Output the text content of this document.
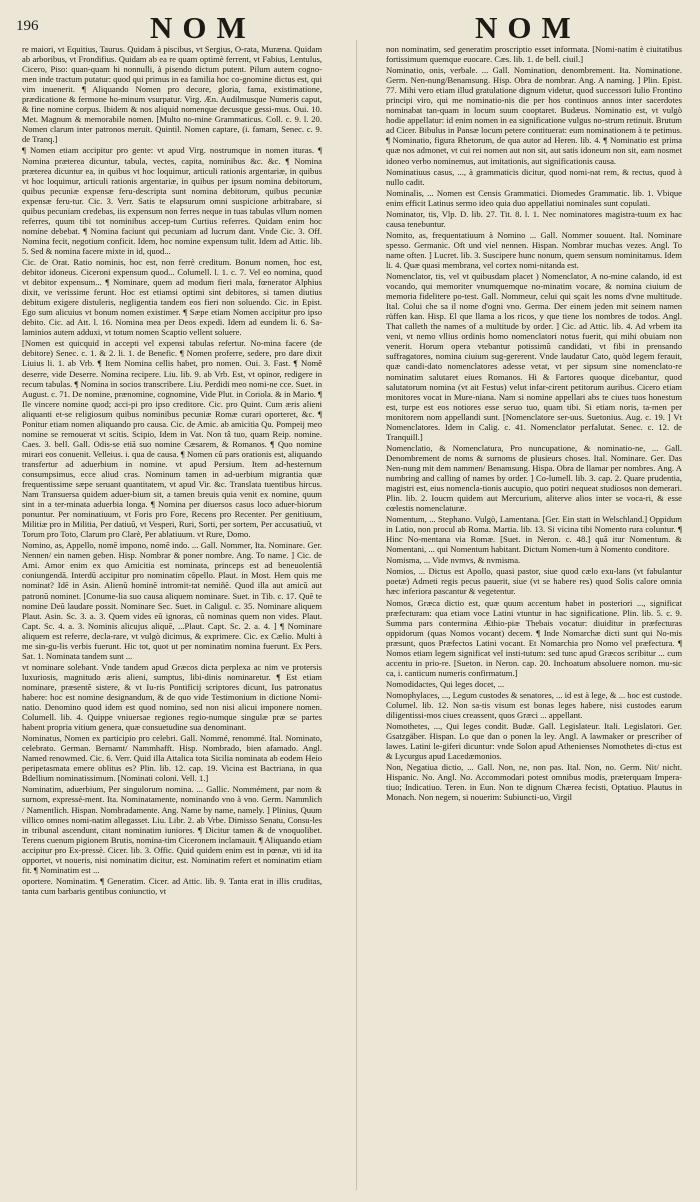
196	NOM	NOM

re maiori, vt Equitius, Taurus. Quidam à piscibus, vt Sergius, O-rata, Muræna. Quidam ab arboribus, vt Frondifius. Quidam ab ea re quam optimè ferrent, vt Fabius, Lentulus, Cicero, Piso: quan-quam hi nonnulli, à pisendo dictum putent. Pilum autem cogno-men inde tractum putatur: quod qui primus in ea familia hoc co-gnomine dictus est, qui vim inuenerit. ¶ Aliquando Nomen pro decore, gloria, fama, existimatione, prædicatione & fermone ho-minum vsurpatur. Virg. Æn. Audilmusque Numeris caput, & fine nomine corpus. Ibidem & nos aliquid nomenque decusque gessi-mus. Oui. 10. Met. Magnum & memorabile nomen. [Multo no-mine Grammaticus. Coll. c. 9. l. 20. Nomen clarum inter patronos meruit. Quintil. Nomen captare, (i. famam, Senec. c. 9. de Tranq.]

¶ Nomen etiam accipitur pro gente: vt apud Virg. nostrumque in nomen ituras. ¶ Nomina præterea dicuntur, tabula, vectes, capita, nominibus &c. &c. ¶ Nomina præterea dicuntur ea, in quibus vt hoc loquimur, articuli rationis argentariæ, in quibus vt hoc loquimur, articuli rationis argentariæ, in quibus per ipsum nomina debitorum, quibus pecuniæ expensæ feru-descripta sunt nomina debitorum, quibus pecuniæ expensæ feru-tur. Cic. 3. Verr. Satis te elapsurum omni suspicione arbitrabare, si quibus pecuniam credebas, iis expensum non ferres neque in tuas tabulas vllum nomen referres, quum tibi tot nominibus accep-tum Curtius referres. Quidam enim hoc nomine debebat. ¶ Nomina faciunt qui pecuniam ad lucrum dant. Vnde Cic. 3. Off. Nomina fecit, negotium conficit. Idem, hoc nomine expensum tulit. Idem ad Attic. lib. 5. Sed & nomina facere mixte in id, quod...

Cic. de Orat. Ratio nominis, hoc est, non ferrè creditum. Bonum nomen, hoc est, debitor idoneus. Ciceroni expensum quod... Columell. l. 1. c. 7. Vel eo nomina, quod vt debitor expensum... ¶ Nominare, quem ad modum fieri mala, fœnerator Alphius dixit, ve verissime ferunt. Hoc est etiamsi optimi sint debitores, si tamen diutius debitum exigere distuleris, negligentia tandem eos fieri non soluendo. Cic. in Epist. Ego sum alicuius vt bonum nomen existimer. ¶ Sæpe etiam Nomen accipitur pro ipso debito. Cic. ad Att. l. 16. Nomina mea per Deos expedi. Idem ad eundem li. 6. Sa-laminios autem adduxi, vt totum nomen Scaptio vellent soluere.

[Nomen est quicquid in accepti vel expensi tabulas refertur. No-mina facere (de debitore) Senec. c. 1. & 2. li. 1. de Benefic. ¶ Nomen proferre, sedere, pro dare dixit Liuius li. 1. ab Vrb. ¶ Item Nomina cellis habet, pro nomen. Oui. 3. Fast. ¶ Nomê deserre, vide Deserre. Nomina recipere. Liu. lib. 9. ab Vrb. Est, vt opinor, redigere in recum tabulas. ¶ Nomina in socios transcribere. Liu. Perdidi meo nomi-ne cce. Suet. in August. c. 71. De nomine, prænomine, cognomine, Vide Plut. in Coriola. & in Mario. ¶ Ile vincere nomine quod; acci-pi pro ipso creditore. Cic. pro Quint. Cum æris alieni aliquanti et-se religiosum quibus nominibus pecuniæ Romæ curari oporteret, &c. ¶ Ponitur etiam nomen aliquando pro causa. Cic. de Amic. ab amicitia Qu. Pompeij meo nomine se remouerat vt scitis. Scipio, Idem in Vat. Non tâ tuo, quam Reip. nomine. Caes. 3. bell. Gall. Odis-se etiā suo nomine Cæsarem, & Romanos. ¶ Quo nomine mirari eos conuenit. Velleius. i. qua de causa. ¶ Nomen cũ pars orationis est, aliquando transfertur ad aduerbium in nomine. vt apud Persium. Item ad-hesternum consumpsimus, ecce aliud cras. Nominum tamen in ad-uerbium migrantia quæ frequentissime sæpe seruant quantitatem, vt apud Vir. &c. Translata tuentibus hircus. Nam Transuersa quidem aduer-bium sit, a tamen breuis quia venit ex nomine, quum sint in a ter-minata aduerbia longa. ¶ Nomina per diuersos casus loco aduer-biorum ponuntur. Per nominatiuum, vt Foris pro Fore, Recens pro Recenter. Per genitiuum, Militiæ pro in Militia, Per datiuũ, vt Vesperi, Ruri, Sorti, per sortem, Per accusatiuũ, vt Torum pro Toto, Clarum pro Clarè, Per ablatiuum. vt Rure, Domo.

Nomino, as, Appello, nomē impono, nomē indo. ... Gall. Nommer, Ita. Nominare. Ger. Nennen/ ein namen geben. Hisp. Nombrar & poner nombre. Ang. To name. ] Cic. de Ami. Amor enim ex quo Amicitia est nominata, princeps est ad beneuolentiã coniungendã. Interdũ accipitur pro nominatim cõpello. Plaut. in Most. Hem quis me nominat? Idē in Asin. Alienũ hominẽ intromit-tat nemiñẽ. Quod illa aut amicũ aut patronũ nominet. [Conume-lia suo causa aliquem nominare. Suet. in Tib. c. 17. Quẽ te nomine Deũ laudare possit. Nominare Sec. Suet. in Caligul. c. 35. Nominare aliquem Plaut. Asin. Sc. 3. a. 3. Quem vides eũ ignoras, cũ nominas quem non vides. Plaut. Capt. Sc. 4. a. 3. Nominis alicujus aliquẽ, ...Plaut. Capt. Sc. 2. a. 4. ] ¶ Nominare aliquem est referre, decla-rare, vt vulgò dicimus, & exprimere. Cic. ex Cælio. Multi à me sin-gu-lis verbis fuerunt. Hic tot, quot ut per nominatim nomina fuerunt. Ex Pers. Sat. 1. Nominata tandem sunt ...

vt nominare solebant. Vnde tandem apud Græcos dicta perplexa ac nim ve protersis luxuriosis, magnitudo æris alieni, sumptus, libi-dinis nominaretur. ¶ Est etiam nominare, præsentẽ sistere, & vt Iu-ris Pontificij scriptores dicunt, Ius patronatus habere: hoc est nomine designandum, & de quo vide Testimonium in dictione Nomi-natio. Denomino quod idem est quod nomino, sed non nisi alicui imponere nomen. Columell. lib. 4. Quippe vniuersae regiones regio-numque singulæ præ se partes habent propria vitium genera, quæ consuetudine sua denominant.

Nominatus, Nomen ex participio pro celebri. Gall. Nommé, renommé. Ital. Nominato, celebrato. German. Bernamt/ Nammhafft. Hisp. Nombrado, bien afamado. Angl. Named renowmed. Cic. 6. Verr. Quid illa Attalica tota Sicilia nominata ab eodem Heio peripetasmata emere oblitus es? Plin. lib. 12. cap. 19. Vicina est Bactriana, in qua Bdellium nominatissimum. [Nominati coloni. Vell. 1.]

Nominatim, aduerbium, Per singulorum nomina. ... Gallic. Nommément, par nom & surnom, expressé-ment. Ita. Nominatamente, nominando vno à vno. Germ. Nammlich / Namentlich. Hispan. Nombradamente. Ang. Name by name, namely. ] Plinius, Quum villico omnes nomi-natim allegasset. Liu. Libr. 2. ab Vrbe. Dimisso Senatu, Consu-les in tribunal ascendunt, citant nominatim iuniores. ¶ Dicitur tamen & de vnoquolibet. Terens cuenum pigionem Brutis, nomina-tim Ciceronem inclamauit. ¶ Aliquando etiam accipitur pro Ex-pressè. Cicer. lib. 3. Offic. Quid quidem enim est in pœnæ, vti id ita opportet, vt noueris, nisi nominatim dicitur, est. Nominatim refert et nominatim etiam fit. ¶ Nominatim est ...

oportere. Nominatim. ¶ Generatim. Cicer. ad Attic. lib. 9. Tanta erat in illis cruditas, tanta cum barbaris gentibus coniunctio, vt

non nominatim, sed generatim proscriptio esset informata. [Nomi-natim è ciuitatibus fortissimum quemque euocare. Cæs. lib. 1. de bell. ciuil.]

Nominatio, onis, verbale. ... Gall. Nomination, denombrement. Ita. Nominatione. Germ. Nen-nung/Benamsung. Hisp. Obra de nombrar. Ang. A naming. ] Plin. Epist. 77. Mihi vero etiam illud gratulatione dignum videtur, quod successori Iulio Frontino principi viro, qui me nominatio-nis die per hos continuos annos inter sacerdotes nominabat tan-quam in locum suum cooptaret. Budæus. Nominatio est, vt vulgò hodie appellatur: id enim nomen in ea significatione vulgus no-strum retinuit. Brutum ad Cicer. Bibulus in Pansæ locum petere contituerat: eum nominationem à te petimus. ¶ Nominatio, figura Rhetorum, de qua autor ad Heren. lib. 4. ¶ Nominatio est prima quæ nos admonet, vt cui rei nomen aut non sit, aut satis idoneum non sit, eam nosmet idoneo verbo nominemus, aut imitationis, aut significationis causa.

Nominatiuus casus, ..., à grammaticis dicitur, quod nomi-nat rem, & rectus, quod à nullo cadit.

Nominalis, ... Nomen est Censis Grammatici. Diomedes Grammatic. lib. 1. Vbique enim efficit Latinus sermo ideo quia duo appellatiui nominales sunt copulati.

Nominator, tis, Vlp. D. lib. 27. Tit. 8. l. 1. Nec nominatores magistra-tuum ex hac causa tenebuntur.

Nomito, as, frequentatiuum à Nomino ... Gall. Nommer souuent. Ital. Nominare spesso. Germanic. Oft und viel nennen. Hispan. Nombrar muchas vezes. Angl. To name often. ] Lucret. lib. 3. Suscipere hunc nonum, quem sensum nominitamus. Idem li. 4. Quæ quasi membrana, vel cortex nomi-nitanda est.

Nomenclator, tis, vel vt quibusdam placet ) Nomenclator, A no-mine calando, id est vocando, qui memoriter vnumquemque no-minatim vocare, & nomina ciuium de memoria fidelitere po-test. Gall. Nommeur, celui qui sçait les noms d'vne multitude. Ital. Colui che sa il nome d'ogni vno. Germa. Der einem jeden mit seinem namen rüffen kan. Hisp. El que llama a los ricos, y que tiene los nombres de todos. Angl. That calleth the names of a multitude by order. ] Cic. ad Attic. lib. 4. Ad vrbem ita veni, vt nemo vllius ordinis homo nomenclatori notus fuerit, qui mihi obuiam non venerit. Horum opera vtebantur potissimũ candidati, vt fibi in prensando suffragatores, nomina ciuium sug-gererent. Vnde laudatur Cato, quòd legem ferauit, quæ candi-dato nomenclatores adesse vetat, vt per sipsum sine nomenclato-re nominatim salutaret eiues Romanos. Hi & Fartores quoque dicebantur, quod salutatorum nomina (vt ait Festus) velut infar-cirent petitorum auribus. Cicero etiam monitores vocat in Mure-niana. Nam si nomine appellari abs te ciues tuos honestum est, turpe est eos notiores esse seruo tuo, quam tibi. Si etiam noris, ta-men per monitorem nom appellandi sunt. [Nomenclatore ser-uus. Suetonius. Aug. c. 19. ] Vt Nomenclatores. Idem in Calig. c. 41. Nomenclator perfalutat. Senec. c. 12. de Tranquill.]

Nomenclatio, & Nomenclatura, Pro nuncupatione, & nominatio-ne, ... Gall. Denombrement de noms & surnoms de plusieurs choses. Ital. Nominare. Ger. Das Nen-nung mit dem nammen/ Benamsung. Hispa. Obra de llamar per nombres. Ang. A numbring and calling of names by order. ] Co-lumell. lib. 3. cap. 2. Quare prudentia, magistri est, eius nomencla-tionis aucupio, quo potiri nequeat studiosos non demerari. Plin. lib. 2. Ioucm quidem aut Mercurium, aliterve alios inter se voca-ri, & esse cœlestis nomenclaturæ.

Nomentum, ... Stephano. Vulgò, Lamentana. [Ger. Ein statt in Welschland.] Oppidum in Latio, non procul ab Roma. Martia. lib. 13. Si vicina tibi Nomento rura coluntur. ¶ Hinc No-mentana via Romæ. [Suet. in Neron. c. 48.] quã itur Nomentum. & Nomentani, ... qui Nomentum habitant. Dictum Nomen-tum à Nomento conditore.

Nomisma, ... Vide nvmvs, & nvmisma.

Nomios, ... Dictus est Apollo, quasi pastor, siue quod cælo exu-lans (vt fabulantur poetæ) Admeti regis pecus pauerit, siue (vt se habere res) quod Solis calore omnia hæc inferiora pascantur & vegetentur.

Nomos, Græca dictio est, quæ quum accentum habet in posteriori ..., significat præfecturam: qua etiam voce Latini vtuntur in hac significatione. Plin. lib. 5. c. 9. Summa pars contermina Æthio-piæ Thebais vocatur: diuiditur in præfecturas oppidorum (quas Nomos vocant) decem. ¶ Inde Nomarchæ dicti sunt qui No-mis præsunt, quos Præfectos Latini vocant. Et Nomarchia pro Nomo vel præfectura. ¶ Nomos etiam legem significat vel insti-tutum: sed tunc apud Græcos scribitur ... cum accentu in prio-re. [Sueton. in Neron. cap. 20. Inchoatum absoluere nomon. mu-sic ca, i. canticum numeris confirmatum.]

Nomodidactes, Qui leges docet, ...

Nomophylaces, ..., Legum custodes & senatores, ... id est à lege, & ... hoc est custode. Columel. lib. 12. Non sa-tis visum est bonas leges habere, nisi custodes earum diligentissi-mos ciues creassent, quos Græci ... appellant.

Nomothetes, ..., Qui leges condit. Budæ. Gall. Legislateur. Itali. Legislatori. Ger. Gsatzgäber. Hispan. Lo que dan o ponen la ley. Angl. A lawmaker or prescriber of lawes. Latini le-giferi dicuntur: vnde Solon apud Athenienses Nomothetes di-ctus est & Lycurgus apud Lacedæmonios.

Non, Negatiua dictio, ... Gall. Non, ne, non pas. Ital. Non, no. Germ. Nit/ nicht. Hispanic. No. Angl. No. Accommodari potest omnibus modis, præterquam Impera-tiuo; Indicatiuo. Teren. in Eun. Non te dignum Chærea fecisti, Optatiuo. Plautus in Monach. Non negem, si nouerim: Subiuncti-uo, Virgil
